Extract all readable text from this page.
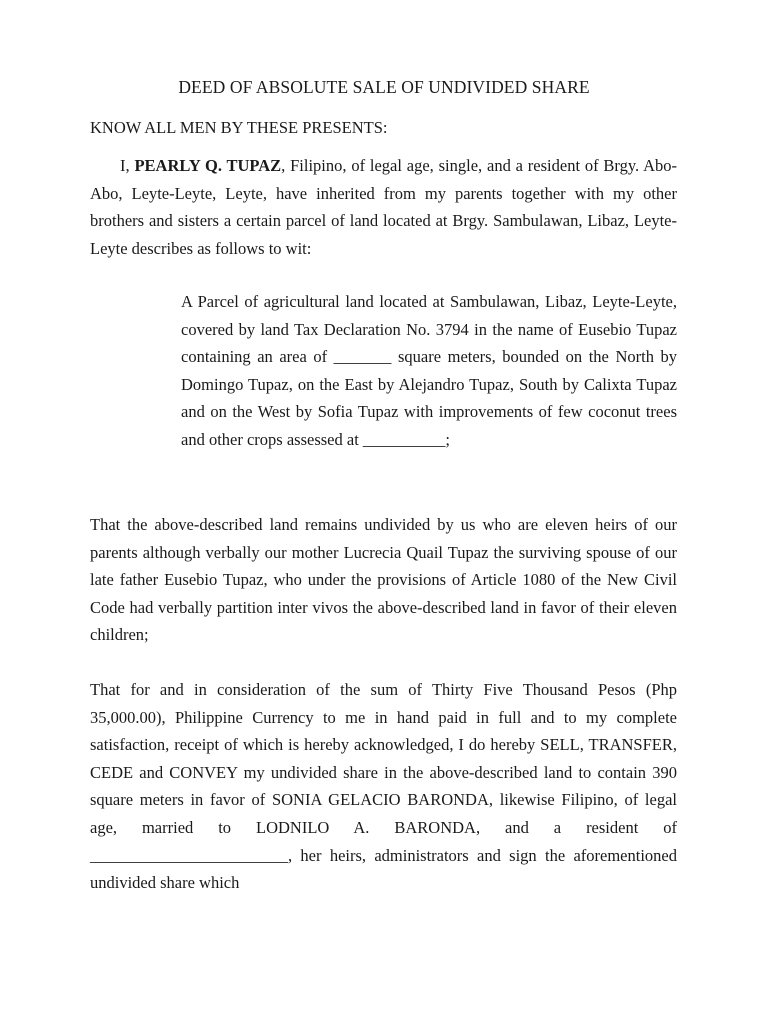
DEED OF ABSOLUTE SALE OF UNDIVIDED SHARE
KNOW ALL MEN BY THESE PRESENTS:

I, PEARLY Q. TUPAZ, Filipino, of legal age, single, and a resident of Brgy. Abo-Abo, Leyte-Leyte, Leyte, have inherited from my parents together with my other brothers and sisters a certain parcel of land located at Brgy. Sambulawan, Libaz, Leyte-Leyte describes as follows to wit:

A Parcel of agricultural land located at Sambulawan, Libaz, Leyte-Leyte, covered by land Tax Declaration No. 3794 in the name of Eusebio Tupaz containing an area of _______ square meters, bounded on the North by Domingo Tupaz, on the East by Alejandro Tupaz, South by Calixta Tupaz and on the West by Sofia Tupaz with improvements of few coconut trees and other crops assessed at __________;

That the above-described land remains undivided by us who are eleven heirs of our parents although verbally our mother Lucrecia Quail Tupaz the surviving spouse of our late father Eusebio Tupaz, who under the provisions of Article 1080 of the New Civil Code had verbally partition inter vivos the above-described land in favor of their eleven children;

That for and in consideration of the sum of Thirty Five Thousand Pesos (Php 35,000.00), Philippine Currency to me in hand paid in full and to my complete satisfaction, receipt of which is hereby acknowledged, I do hereby SELL, TRANSFER, CEDE and CONVEY my undivided share in the above-described land to contain 390 square meters in favor of SONIA GELACIO BARONDA, likewise Filipino, of legal age, married to LODNILO A. BARONDA, and a resident of ________________________, her heirs, administrators and sign the aforementioned undivided share which
